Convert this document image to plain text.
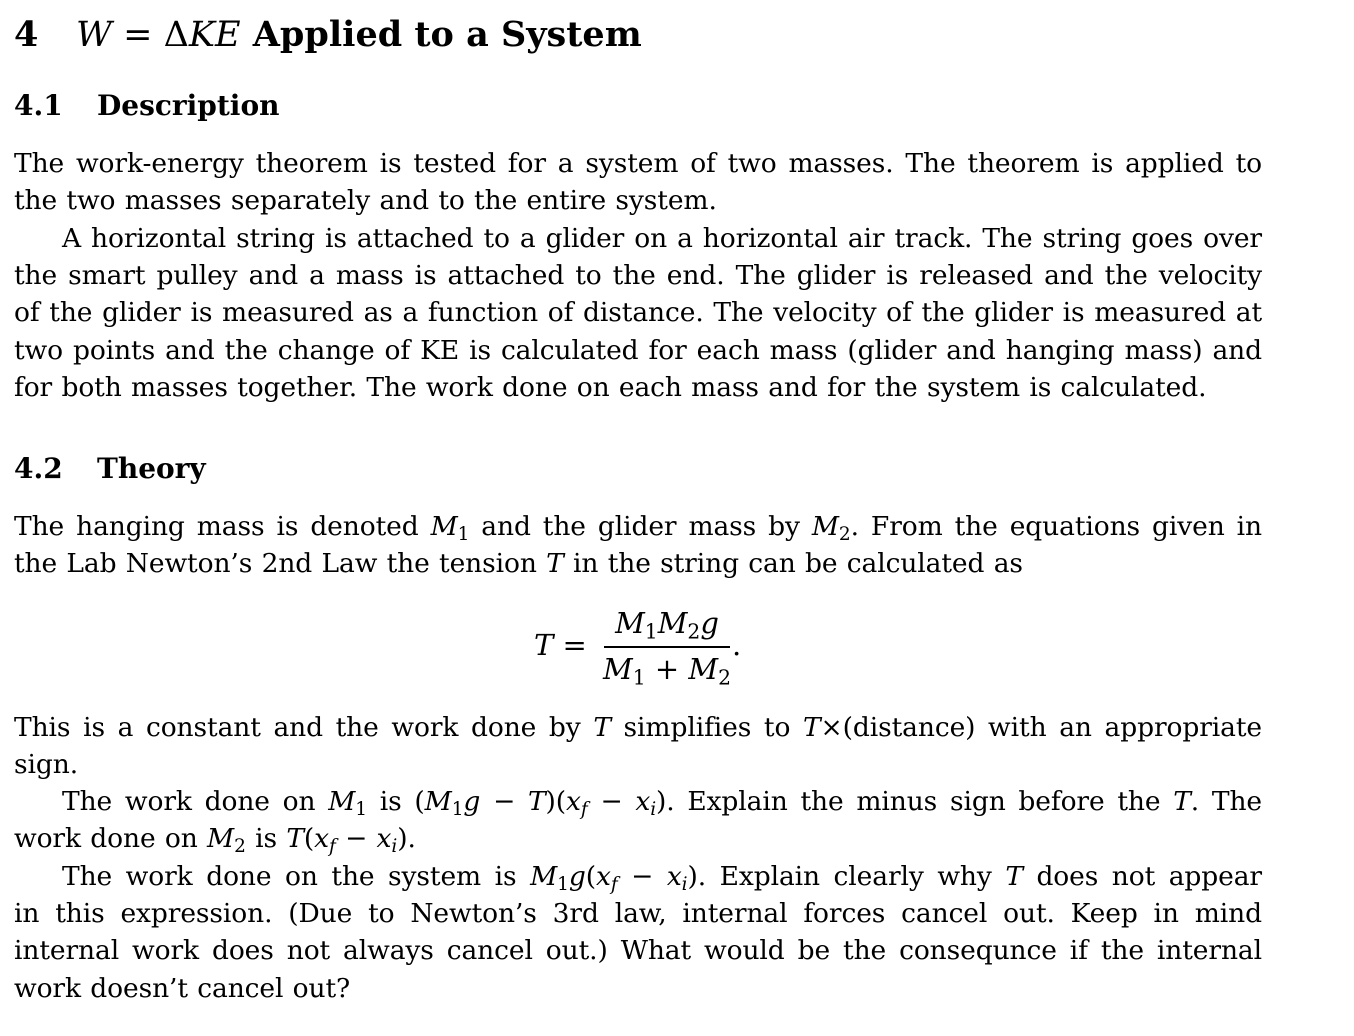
4 W = ΔKE Applied to a System
4.1 Description
The work-energy theorem is tested for a system of two masses. The theorem is applied to
the two masses separately and to the entire system.
A horizontal string is attached to a glider on a horizontal air track. The string goes over
the smart pulley and a mass is attached to the end. The glider is released and the velocity
of the glider is measured as a function of distance. The velocity of the glider is measured at
two points and the change of KE is calculated for each mass (glider and hanging mass) and
for both masses together. The work done on each mass and for the system is calculated.
4.2 Theory
The hanging mass is denoted $M_1$ and the glider mass by $M_2$. From the equations given in
the Lab Newton’s 2nd Law the tension T in the string can be calculated as
T =
$M_1M_2g$
$M_1 + M_2$
.
This is a constant and the work done by T simplifies to T×(distance) with an appropriate
sign.
The work done on $M_1$ is $(M_1g - T)(x_f - x_i)$. Explain the minus sign before the T. The
work done on $M_2$ is $T(x_f - x_i)$.
The work done on the system is $M_1g(x_f - x_i)$. Explain clearly why T does not appear
in this expression. (Due to Newton’s 3rd law, internal forces cancel out. Keep in mind
internal work does not always cancel out.) What would be the consequnce if the internal
work doesn’t cancel out?
